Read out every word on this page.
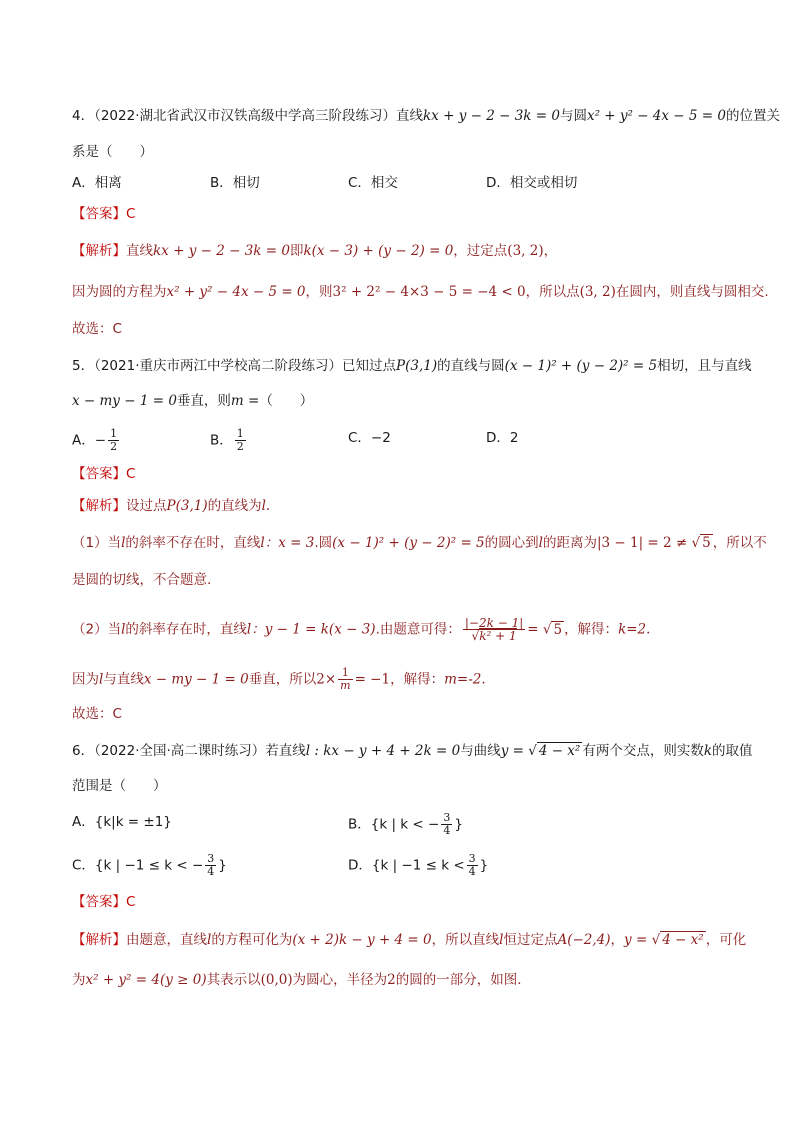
4．（2022·湖北省武汉市汉铁高级中学高三阶段练习）直线kx + y − 2 − 3k = 0与圆x² + y² − 4x − 5 = 0的位置关
系是（　　）
A．相离	B．相切	C．相交	D．相交或相切
【答案】C
【解析】直线kx + y − 2 − 3k = 0即k(x − 3) + (y − 2) = 0，过定点(3, 2)，
因为圆的方程为x² + y² − 4x − 5 = 0，则3² + 2² − 4×3 − 5 = −4 < 0，所以点(3, 2)在圆内，则直线与圆相交.
故选：C
5．（2021·重庆市两江中学校高二阶段练习）已知过点P(3,1)的直线与圆(x − 1)² + (y − 2)² = 5相切，且与直线
x − my − 1 = 0垂直，则m =（　　）
A．− $\frac{1}{2}$	B． $\frac{1}{2}$	C．−2	D．2
【答案】C
【解析】设过点P(3,1)的直线为l.
（1）当l的斜率不存在时，直线l：x = 3.圆(x − 1)² + (y − 2)² = 5的圆心到l的距离为|3 − 1| = 2 ≠ √ 5 ，所以不
是圆的切线，不合题意.
（2）当l的斜率存在时，直线l：y − 1 = k(x − 3).由题意可得： $\frac{|-2k - 1|}{\text{√k² + 1}}$ = √ 5 ，解得：k=2.
因为l与直线x − my − 1 = 0垂直，所以$2\times \frac{1}{m} = -1$，解得：m=-2.
故选：C
6．（2022·全国·高二课时练习）若直线l : kx − y + 4 + 2k = 0与曲线y = √ 4 − x² 有两个交点，则实数k的取值
范围是（　　）
A．{k|k = ±1}	B．{k | k < − $\frac{3}{4}$ }
C．{k | −1 ≤ k < − $\frac{3}{4}$ }	D．{k | $-1 \le k < \frac{3}{4}$ }
【答案】C
【解析】由题意，直线l的方程可化为(x + 2)k − y + 4 = 0，所以直线l恒过定点A(−2,4)，y = √ 4 − x² ，可化
为x² + y² = 4(y ≥ 0)其表示以(0,0)为圆心，半径为2的圆的一部分，如图.
